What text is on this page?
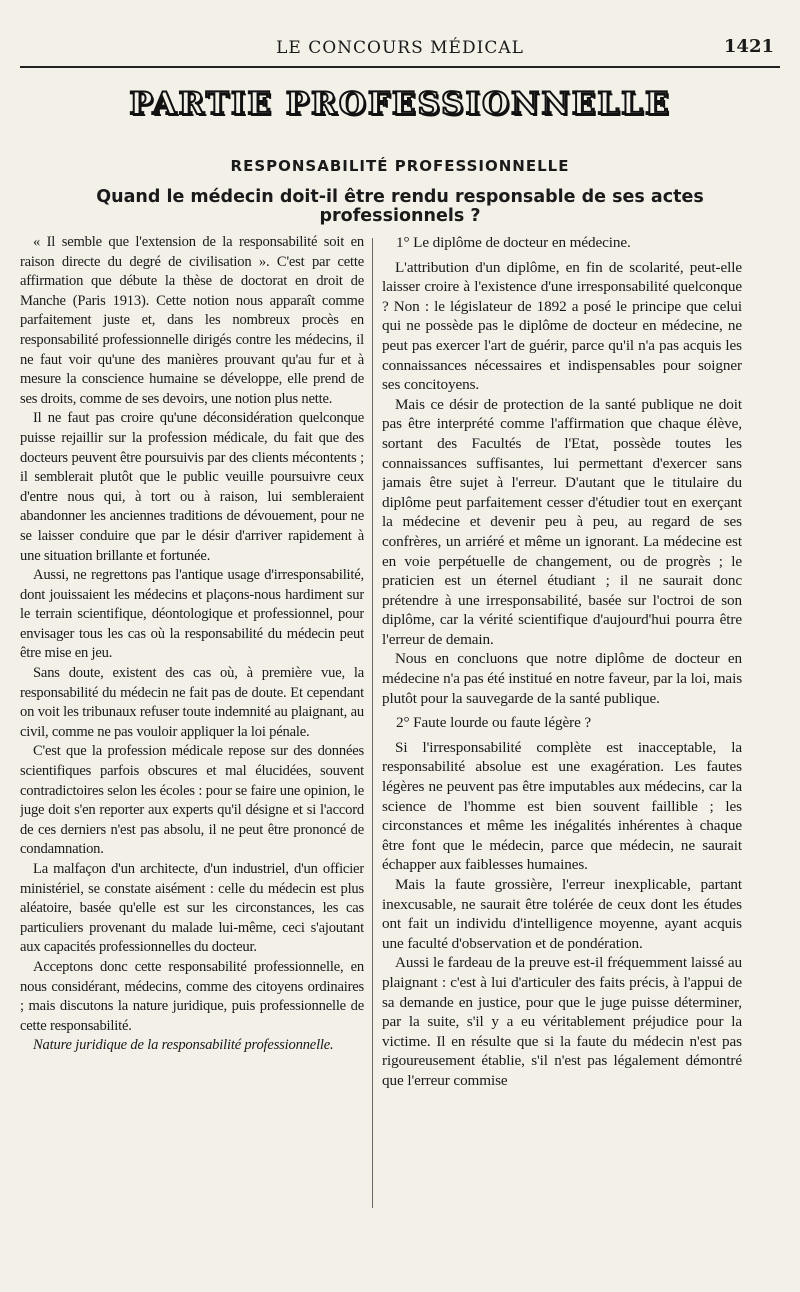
LE CONCOURS MÉDICAL	1421
PARTIE PROFESSIONNELLE
RESPONSABILITÉ PROFESSIONNELLE
Quand le médecin doit-il être rendu responsable de ses actes professionnels ?

« Il semble que l'extension de la responsabilité soit en raison directe du degré de civilisation ». C'est par cette affirmation que débute la thèse de doctorat en droit de Manche (Paris 1913). Cette notion nous apparaît comme parfaitement juste et, dans les nombreux procès en responsabilité professionnelle dirigés contre les médecins, il ne faut voir qu'une des manières prouvant qu'au fur et à mesure la conscience humaine se développe, elle prend de ses droits, comme de ses devoirs, une notion plus nette.

Il ne faut pas croire qu'une déconsidération quelconque puisse rejaillir sur la profession médicale, du fait que des docteurs peuvent être poursuivis par des clients mécontents ; il semblerait plutôt que le public veuille poursuivre ceux d'entre nous qui, à tort ou à raison, lui sembleraient abandonner les anciennes traditions de dévouement, pour ne se laisser conduire que par le désir d'arriver rapidement à une situation brillante et fortunée.

Aussi, ne regrettons pas l'antique usage d'irresponsabilité, dont jouissaient les médecins et plaçons-nous hardiment sur le terrain scientifique, déontologique et professionnel, pour envisager tous les cas où la responsabilité du médecin peut être mise en jeu.

Sans doute, existent des cas où, à première vue, la responsabilité du médecin ne fait pas de doute. Et cependant on voit les tribunaux refuser toute indemnité au plaignant, au civil, comme ne pas vouloir appliquer la loi pénale.

C'est que la profession médicale repose sur des données scientifiques parfois obscures et mal élucidées, souvent contradictoires selon les écoles : pour se faire une opinion, le juge doit s'en reporter aux experts qu'il désigne et si l'accord de ces derniers n'est pas absolu, il ne peut être prononcé de condamnation.

La malfaçon d'un architecte, d'un industriel, d'un officier ministériel, se constate aisément : celle du médecin est plus aléatoire, basée qu'elle est sur les circonstances, les cas particuliers provenant du malade lui-même, ceci s'ajoutant aux capacités professionnelles du docteur.

Acceptons donc cette responsabilité professionnelle, en nous considérant, médecins, comme des citoyens ordinaires ; mais discutons la nature juridique, puis professionnelle de cette responsabilité.

Nature juridique de la responsabilité professionnelle.

1° Le diplôme de docteur en médecine.

L'attribution d'un diplôme, en fin de scolarité, peut-elle laisser croire à l'existence d'une irresponsabilité quelconque ? Non : le législateur de 1892 a posé le principe que celui qui ne possède pas le diplôme de docteur en médecine, ne peut pas exercer l'art de guérir, parce qu'il n'a pas acquis les connaissances nécessaires et indispensables pour soigner ses concitoyens.

Mais ce désir de protection de la santé publique ne doit pas être interprété comme l'affirmation que chaque élève, sortant des Facultés de l'Etat, possède toutes les connaissances suffisantes, lui permettant d'exercer sans jamais être sujet à l'erreur. D'autant que le titulaire du diplôme peut parfaitement cesser d'étudier tout en exerçant la médecine et devenir peu à peu, au regard de ses confrères, un arriéré et même un ignorant. La médecine est en voie perpétuelle de changement, ou de progrès ; le praticien est un éternel étudiant ; il ne saurait donc prétendre à une irresponsabilité, basée sur l'octroi de son diplôme, car la vérité scientifique d'aujourd'hui pourra être l'erreur de demain.

Nous en concluons que notre diplôme de docteur en médecine n'a pas été institué en notre faveur, par la loi, mais plutôt pour la sauvegarde de la santé publique.

2° Faute lourde ou faute légère ?

Si l'irresponsabilité complète est inacceptable, la responsabilité absolue est une exagération. Les fautes légères ne peuvent pas être imputables aux médecins, car la science de l'homme est bien souvent faillible ; les circonstances et même les inégalités inhérentes à chaque être font que le médecin, parce que médecin, ne saurait échapper aux faiblesses humaines.

Mais la faute grossière, l'erreur inexplicable, partant inexcusable, ne saurait être tolérée de ceux dont les études ont fait un individu d'intelligence moyenne, ayant acquis une faculté d'observation et de pondération.

Aussi le fardeau de la preuve est-il fréquemment laissé au plaignant : c'est à lui d'articuler des faits précis, à l'appui de sa demande en justice, pour que le juge puisse déterminer, par la suite, s'il y a eu véritablement préjudice pour la victime. Il en résulte que si la faute du médecin n'est pas rigoureusement établie, s'il n'est pas légalement démontré que l'erreur commise
